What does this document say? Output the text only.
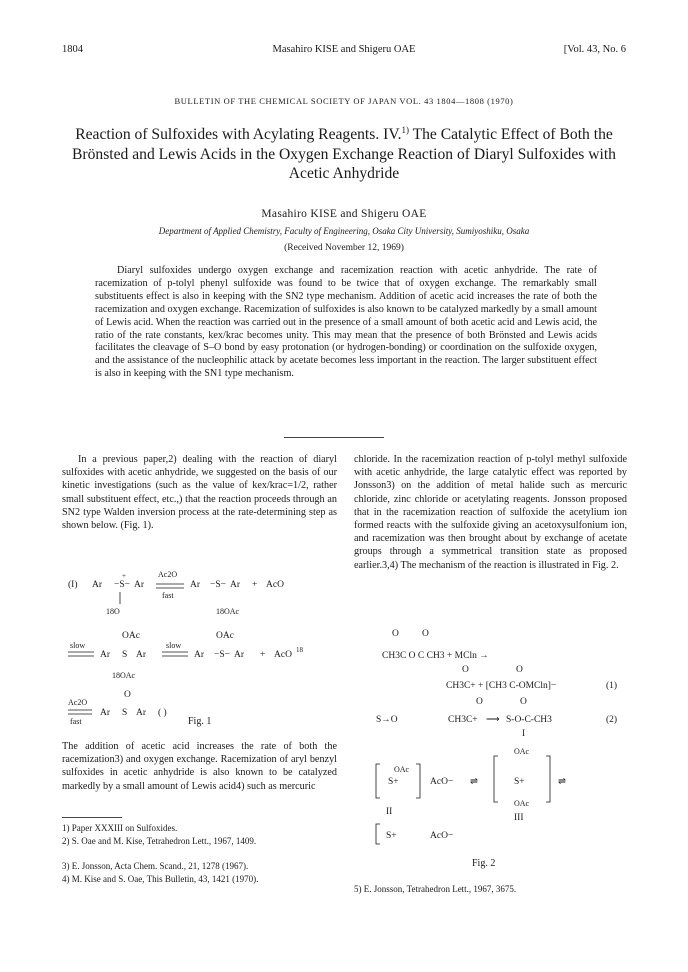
1804	Masahiro KISE and Shigeru OAE	[Vol. 43, No. 6
BULLETIN OF THE CHEMICAL SOCIETY OF JAPAN VOL. 43 1804—1808 (1970)
Reaction of Sulfoxides with Acylating Reagents. IV.$^{1)}$ The Catalytic Effect of Both the Brönsted and Lewis Acids in the Oxygen Exchange Reaction of Diaryl Sulfoxides with Acetic Anhydride
Masahiro KISE and Shigeru OAE
Department of Applied Chemistry, Faculty of Engineering, Osaka City University, Sumiyoshiku, Osaka
(Received November 12, 1969)

Diaryl sulfoxides undergo oxygen exchange and racemization reaction with acetic anhydride. The rate of racemization of p-tolyl phenyl sulfoxide was found to be twice that of oxygen exchange. The remarkably small substituents effect is also in keeping with the SN2 type mechanism. Addition of acetic acid increases the rate of both the racemization and oxygen exchange. Racemization of sulfoxides is also known to be catalyzed markedly by a small amount of Lewis acid. When the reaction was carried out in the presence of a small amount of both acetic acid and Lewis acid, the ratio of the rate constants, kex/krac becomes unity. This may mean that the presence of both Brönsted and Lewis acids facilitates the cleavage of S–O bond by easy protonation (or hydrogen-bonding) or coordination on the sulfoxide oxygen, and the assistance of the nucleophilic attack by acetate becomes less important in the reaction. The larger substituent effect is also in keeping with the SN1 type mechanism.

In a previous paper,2) dealing with the reaction of diaryl sulfoxides with acetic anhydride, we suggested on the basis of our kinetic investigations (such as the value of kex/krac=1/2, rather small substituent effect, etc.,) that the reaction proceeds through an SN2 type Walden inversion process at the rate-determining step as shown below. (Fig. 1).

(I) Ar −S− Ar
+
18O
Ac2O
fast
Ar −S− Ar + AcO
18OAc
OAc	OAc
slow
Ar S Ar
slow
Ar −S− Ar + AcO 18
18OAc
O
Ac2O
fast
Ar S Ar ( )
Fig. 1

The addition of acetic acid increases the rate of both the racemization3) and oxygen exchange. Racemization of aryl benzyl sulfoxides in acetic anhydride is also known to be catalyzed markedly by a small amount of Lewis acid4) such as mercuric

chloride. In the racemization reaction of p-tolyl methyl sulfoxide with acetic anhydride, the large catalytic effect was reported by Jonsson3) on the addition of metal halide such as mercuric chloride, zinc chloride or acetylating reagents. Jonsson proposed that in the racemization reaction of sulfoxide the acetylium ion formed reacts with the sulfoxide giving an acetoxysulfonium ion, and racemization was then brought about by exchange of acetate groups through a symmetrical transition state as proposed earlier.3,4) The mechanism of the reaction is illustrated in Fig. 2.

O O
CH3C O C CH3 + MCln →
O	O
CH3C+ + [CH3 C-OMCln]−	(1)
O	O
S→O	CH3C+ ⟶ S-O-C-CH3	(2)
I
S+
OAc
AcO−
II
⇌
OAc
S+
OAc
III
⇌
S+	AcO−
Fig. 2
1) Paper XXXIII on Sulfoxides.
2) S. Oae and M. Kise, Tetrahedron Lett., 1967, 1409.
3) E. Jonsson, Acta Chem. Scand., 21, 1278 (1967).
4) M. Kise and S. Oae, This Bulletin, 43, 1421 (1970).
5) E. Jonsson, Tetrahedron Lett., 1967, 3675.
